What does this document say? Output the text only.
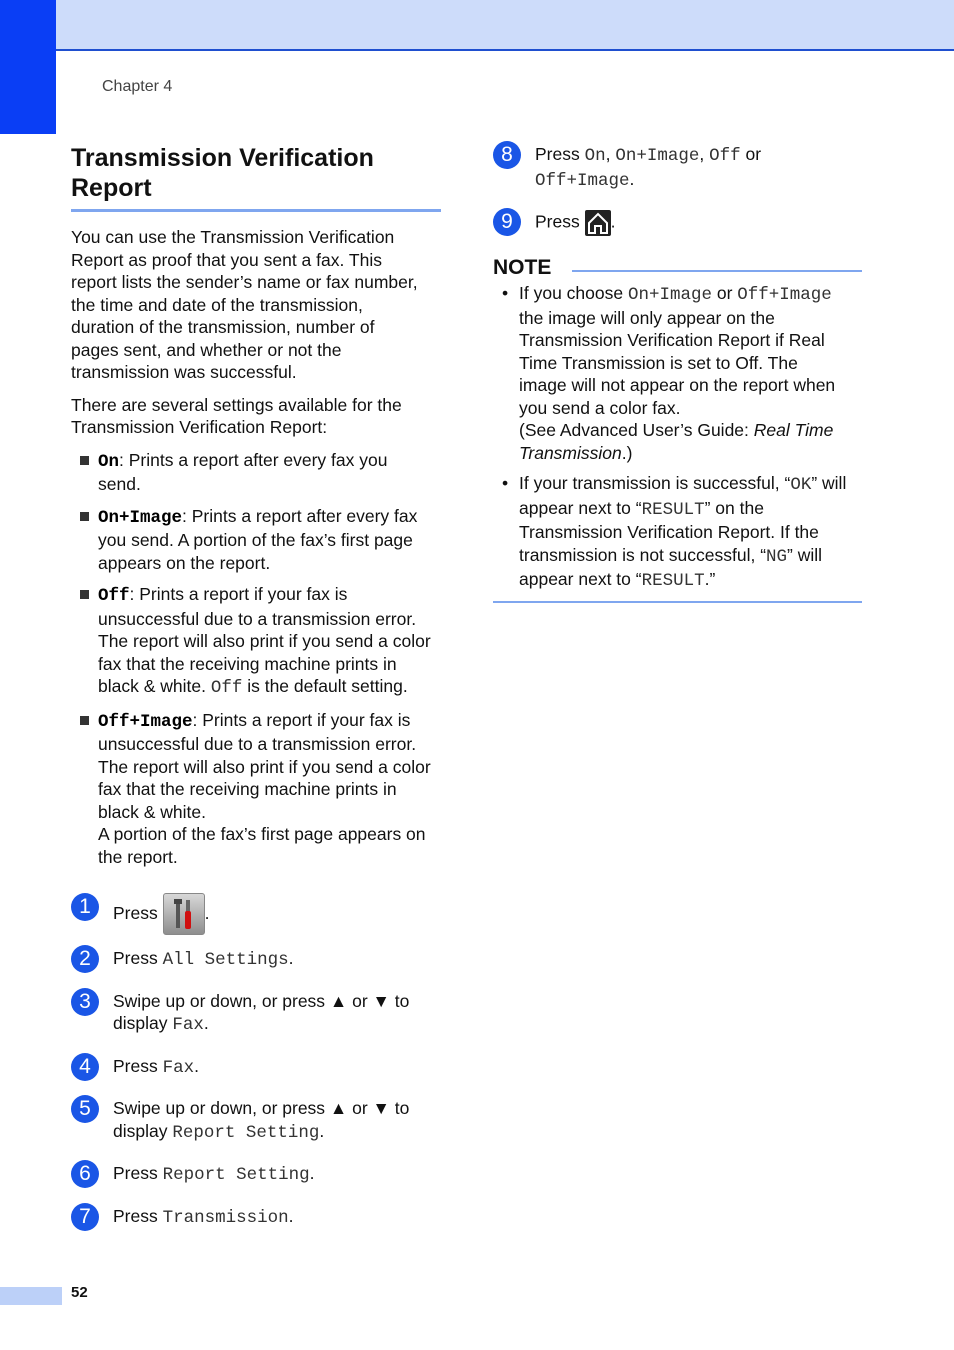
Chapter 4
Transmission Verification
Report

You can use the Transmission Verification
Report as proof that you sent a fax. This
report lists the sender’s name or fax number,
the time and date of the transmission,
duration of the transmission, number of
pages sent, and whether or not the
transmission was successful.

There are several settings available for the
Transmission Verification Report:

On: Prints a report after every fax you
send.
On+Image: Prints a report after every fax
you send. A portion of the fax’s first page
appears on the report.
Off: Prints a report if your fax is
unsuccessful due to a transmission error.
The report will also print if you send a color
fax that the receiving machine prints in
black & white. Off is the default setting.
Off+Image: Prints a report if your fax is
unsuccessful due to a transmission error.
The report will also print if you send a color
fax that the receiving machine prints in
black & white.
A portion of the fax’s first page appears on
the report.
1	Press	.
2	Press All Settings.
3	Swipe up or down, or press ▲ or ▼ to
display Fax.
4	Press Fax.
5	Swipe up or down, or press ▲ or ▼ to
display Report Setting.
6	Press Report Setting.
7	Press Transmission.
8	Press On, On+Image, Off or
Off+Image.
9	Press .
NOTE
• If you choose On+Image or Off+Image
the image will only appear on the
Transmission Verification Report if Real
Time Transmission is set to Off. The
image will not appear on the report when
you send a color fax.
(See Advanced User’s Guide: Real Time
Transmission.)
• If your transmission is successful, “OK” will
appear next to “RESULT” on the
Transmission Verification Report. If the
transmission is not successful, “NG” will
appear next to “RESULT.”
52
